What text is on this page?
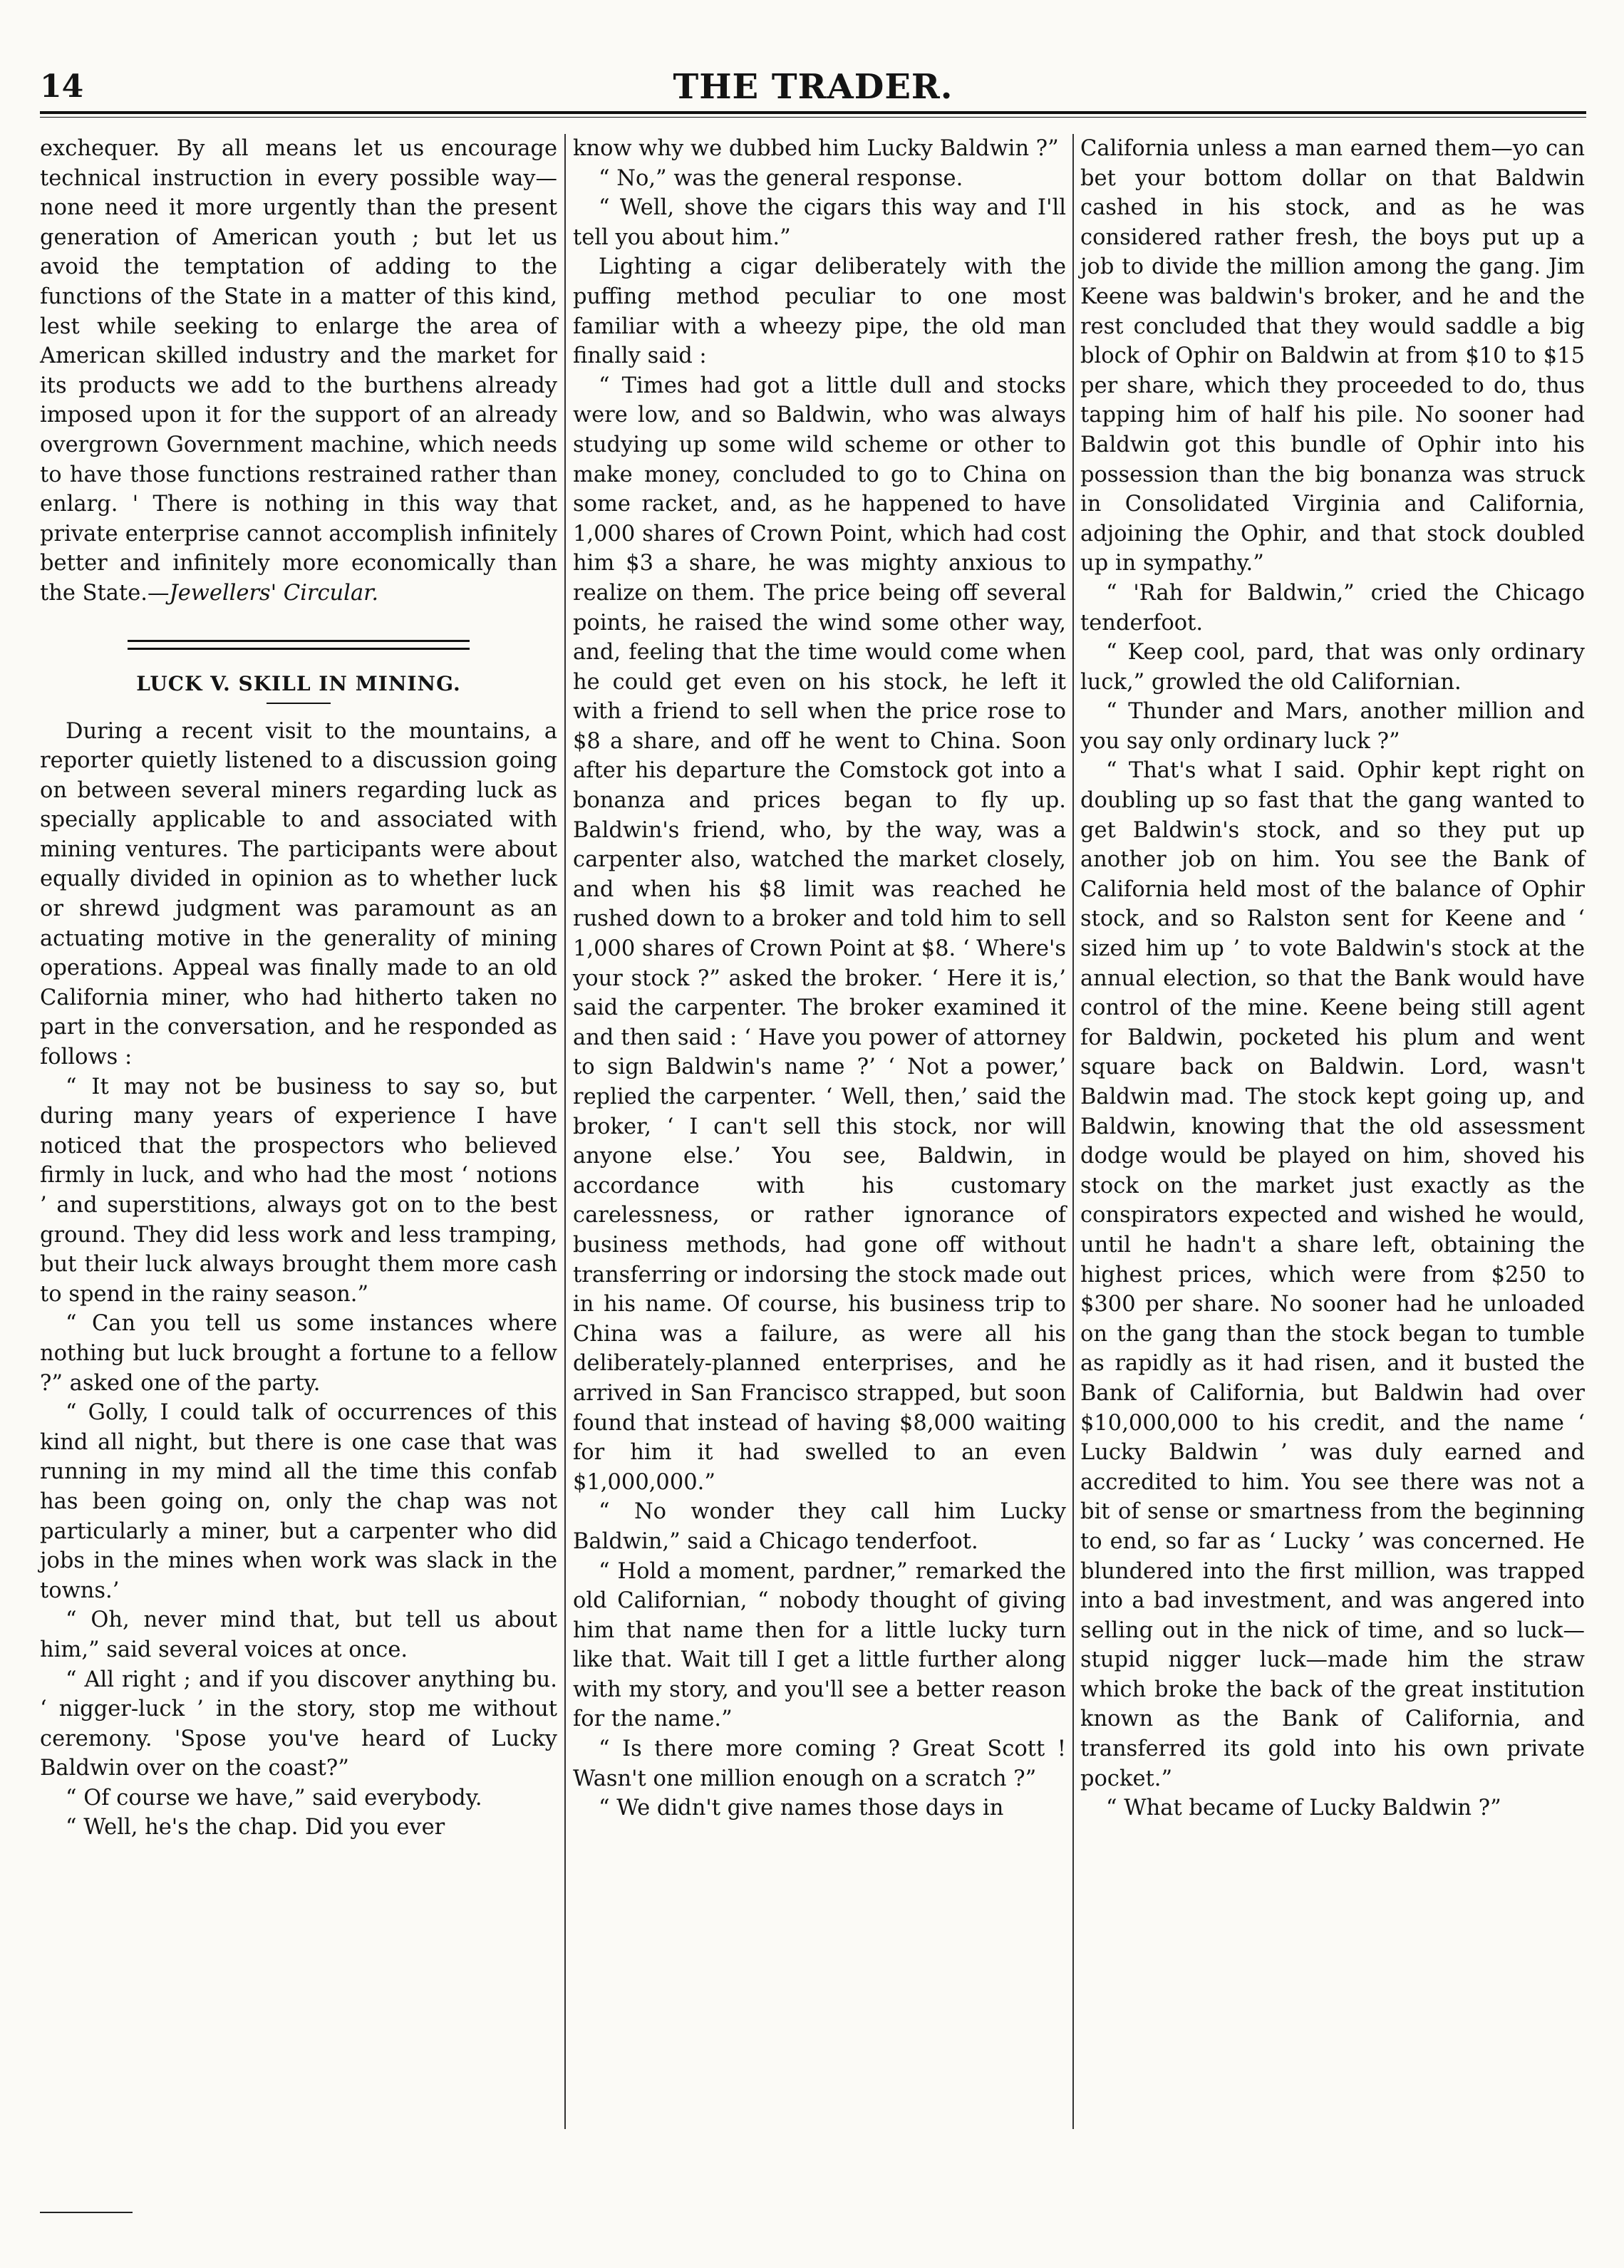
14	THE TRADER.

exchequer. By all means let us encourage technical instruction in every possible way—none need it more urgently than the present generation of American youth ; but let us avoid the temptation of adding to the functions of the State in a matter of this kind, lest while seeking to enlarge the area of American skilled industry and the market for its products we add to the burthens already imposed upon it for the support of an already overgrown Government machine, which needs to have those functions restrained rather than enlarg. ' There is nothing in this way that private enterprise cannot accomplish infinitely better and infinitely more economically than the State.—Jewellers' Circular.

LUCK V. SKILL IN MINING.

During a recent visit to the mountains, a reporter quietly listened to a discussion going on between several miners regarding luck as specially applicable to and associated with mining ventures. The participants were about equally divided in opinion as to whether luck or shrewd judgment was paramount as an actuating motive in the generality of mining operations. Appeal was finally made to an old California miner, who had hitherto taken no part in the conversation, and he responded as follows :

“ It may not be business to say so, but during many years of experience I have noticed that the prospectors who believed firmly in luck, and who had the most ‘ notions ’ and superstitions, always got on to the best ground. They did less work and less tramping, but their luck always brought them more cash to spend in the rainy season.”

“ Can you tell us some instances where nothing but luck brought a fortune to a fellow ?” asked one of the party.

“ Golly, I could talk of occurrences of this kind all night, but there is one case that was running in my mind all the time this confab has been going on, only the chap was not particularly a miner, but a carpenter who did jobs in the mines when work was slack in the towns.’

“ Oh, never mind that, but tell us about him,” said several voices at once.

“ All right ; and if you discover anything bu. ‘ nigger-luck ’ in the story, stop me without ceremony. 'Spose you've heard of Lucky Baldwin over on the coast?”

“ Of course we have,” said everybody.

“ Well, he's the chap. Did you ever

know why we dubbed him Lucky Baldwin ?”

“ No,” was the general response.

“ Well, shove the cigars this way and I'll tell you about him.”

Lighting a cigar deliberately with the puffing method peculiar to one most familiar with a wheezy pipe, the old man finally said :

“ Times had got a little dull and stocks were low, and so Baldwin, who was always studying up some wild scheme or other to make money, concluded to go to China on some racket, and, as he happened to have 1,000 shares of Crown Point, which had cost him $3 a share, he was mighty anxious to realize on them. The price being off several points, he raised the wind some other way, and, feeling that the time would come when he could get even on his stock, he left it with a friend to sell when the price rose to $8 a share, and off he went to China. Soon after his departure the Comstock got into a bonanza and prices began to fly up. Baldwin's friend, who, by the way, was a carpenter also, watched the market closely, and when his $8 limit was reached he rushed down to a broker and told him to sell 1,000 shares of Crown Point at $8. ‘ Where's your stock ?” asked the broker. ‘ Here it is,’ said the carpenter. The broker examined it and then said : ‘ Have you power of attorney to sign Baldwin's name ?’ ‘ Not a power,’ replied the carpenter. ‘ Well, then,’ said the broker, ‘ I can't sell this stock, nor will anyone else.’ You see, Baldwin, in accordance with his customary carelessness, or rather ignorance of business methods, had gone off without transferring or indorsing the stock made out in his name. Of course, his business trip to China was a failure, as were all his deliberately-planned enterprises, and he arrived in San Francisco strapped, but soon found that instead of having $8,000 waiting for him it had swelled to an even $1,000,000.”

“ No wonder they call him Lucky Baldwin,” said a Chicago tenderfoot.

“ Hold a moment, pardner,” remarked the old Californian, “ nobody thought of giving him that name then for a little lucky turn like that. Wait till I get a little further along with my story, and you'll see a better reason for the name.”

“ Is there more coming ? Great Scott ! Wasn't one million enough on a scratch ?”

“ We didn't give names those days in

California unless a man earned them—yo can bet your bottom dollar on that Baldwin cashed in his stock, and as he was considered rather fresh, the boys put up a job to divide the million among the gang. Jim Keene was baldwin's broker, and he and the rest concluded that they would saddle a big block of Ophir on Baldwin at from $10 to $15 per share, which they proceeded to do, thus tapping him of half his pile. No sooner had Baldwin got this bundle of Ophir into his possession than the big bonanza was struck in Consolidated Virginia and California, adjoining the Ophir, and that stock doubled up in sympathy.”

“ 'Rah for Baldwin,” cried the Chicago tenderfoot.

“ Keep cool, pard, that was only ordinary luck,” growled the old Californian.

“ Thunder and Mars, another million and you say only ordinary luck ?”

“ That's what I said. Ophir kept right on doubling up so fast that the gang wanted to get Baldwin's stock, and so they put up another job on him. You see the Bank of California held most of the balance of Ophir stock, and so Ralston sent for Keene and ‘ sized him up ’ to vote Baldwin's stock at the annual election, so that the Bank would have control of the mine. Keene being still agent for Baldwin, pocketed his plum and went square back on Baldwin. Lord, wasn't Baldwin mad. The stock kept going up, and Baldwin, knowing that the old assessment dodge would be played on him, shoved his stock on the market just exactly as the conspirators expected and wished he would, until he hadn't a share left, obtaining the highest prices, which were from $250 to $300 per share. No sooner had he unloaded on the gang than the stock began to tumble as rapidly as it had risen, and it busted the Bank of California, but Baldwin had over $10,000,000 to his credit, and the name ‘ Lucky Baldwin ’ was duly earned and accredited to him. You see there was not a bit of sense or smartness from the beginning to end, so far as ‘ Lucky ’ was concerned. He blundered into the first million, was trapped into a bad investment, and was angered into selling out in the nick of time, and so luck—stupid nigger luck—made him the straw which broke the back of the great institution known as the Bank of California, and transferred its gold into his own private pocket.”

“ What became of Lucky Baldwin ?”
